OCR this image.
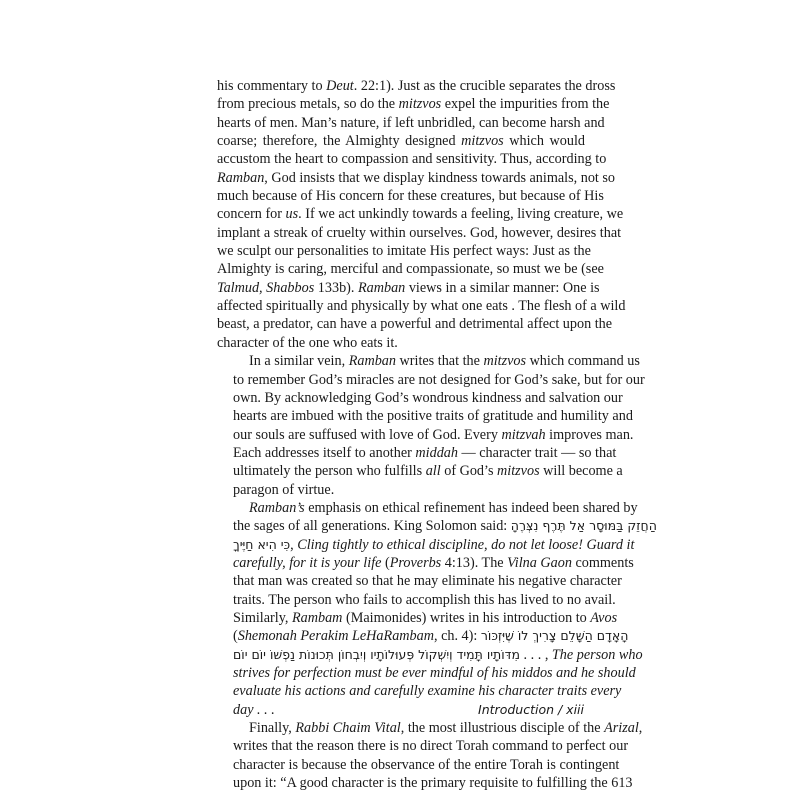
his commentary to Deut. 22:1). Just as the crucible separates the dross
from precious metals, so do the mitzvos expel the impurities from the
hearts of men. Man’s nature, if left unbridled, can become harsh and
coarse; therefore, the Almighty designed mitzvos which would
accustom the heart to compassion and sensitivity. Thus, according to
Ramban, God insists that we display kindness towards animals, not so
much because of His concern for these creatures, but because of His
concern for us. If we act unkindly towards a feeling, living creature, we
implant a streak of cruelty within ourselves. God, however, desires that
we sculpt our personalities to imitate His perfect ways: Just as the
Almighty is caring, merciful and compassionate, so must we be (see
Talmud, Shabbos 133b). Ramban views in a similar manner: One is
affected spiritually and physically by what one eats . The flesh of a wild
beast, a predator, can have a powerful and detrimental affect upon the
character of the one who eats it.
In a similar vein, Ramban writes that the mitzvos which command us
to remember God’s miracles are not designed for God’s sake, but for our
own. By acknowledging God’s wondrous kindness and salvation our
hearts are imbued with the positive traits of gratitude and humility and
our souls are suffused with love of God. Every mitzvah improves man.
Each addresses itself to another middah — character trait — so that
ultimately the person who fulfills all of God’s mitzvos will become a
paragon of virtue.
Ramban’s emphasis on ethical refinement has indeed been shared by
the sages of all generations. King Solomon said: הַחֲזֵק בַּמּוּסָר אַל תֶּרֶף נִצְּרֶהָ
כִּי הִיא חַיֶּיךָ, Cling tightly to ethical discipline, do not let loose! Guard it
carefully, for it is your life (Proverbs 4:13). The Vilna Gaon comments
that man was created so that he may eliminate his negative character
traits. The person who fails to accomplish this has lived to no avail.
Similarly, Rambam (Maimonides) writes in his introduction to Avos
(Shemonah Perakim LeHaRambam, ch. 4): הָאָדָם הַשָּׁלֵם צָרִיךְ לוֹ שֶׁיִּזְכּוֹר
מִדּוֹתָיו תָּמִיד וְיִשְׁקוֹל פְּעוּלוֹתָיו וְיִבְחוֹן תְּכוּנוֹת נַפְשׁוֹ יוֹם יוֹם . . . , The person who
strives for perfection must be ever mindful of his middos and he should
evaluate his actions and carefully examine his character traits every
day . . .
Finally, Rabbi Chaim Vital, the most illustrious disciple of the Arizal,
writes that the reason there is no direct Torah command to perfect our
character is because the observance of the entire Torah is contingent
upon it: “A good character is the primary requisite to fulfilling the 613
Introduction / xiii
